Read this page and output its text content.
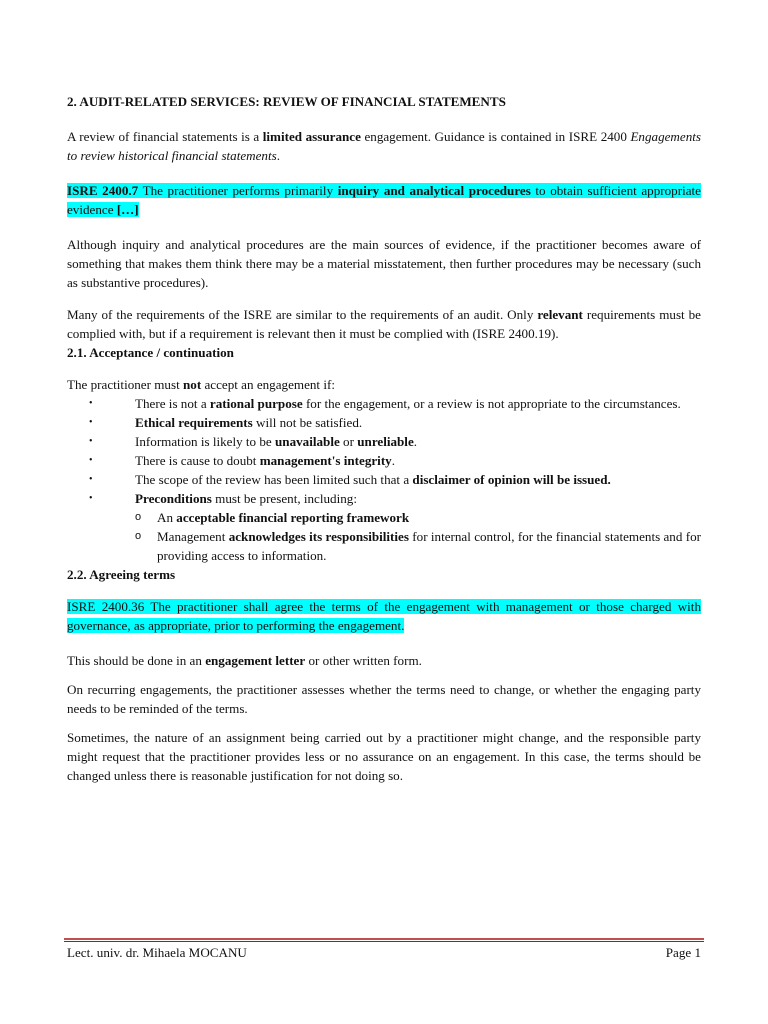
2. AUDIT-RELATED SERVICES: REVIEW OF FINANCIAL STATEMENTS

A review of financial statements is a limited assurance engagement. Guidance is contained in ISRE 2400 Engagements to review historical financial statements.

ISRE 2400.7 The practitioner performs primarily inquiry and analytical procedures to obtain sufficient appropriate evidence […]

Although inquiry and analytical procedures are the main sources of evidence, if the practitioner becomes aware of something that makes them think there may be a material misstatement, then further procedures may be necessary (such as substantive procedures).

Many of the requirements of the ISRE are similar to the requirements of an audit. Only relevant requirements must be complied with, but if a requirement is relevant then it must be complied with (ISRE 2400.19).

2.1. Acceptance / continuation

The practitioner must not accept an engagement if:

•	There is not a rational purpose for the engagement, or a review is not appropriate to the circumstances.
•	Ethical requirements will not be satisfied.
•	Information is likely to be unavailable or unreliable.
•	There is cause to doubt management's integrity.
•	The scope of the review has been limited such that a disclaimer of opinion will be issued.
•	Preconditions must be present, including:
o An acceptable financial reporting framework
o Management acknowledges its responsibilities for internal control, for the financial statements and for providing access to information.
2.2. Agreeing terms

ISRE 2400.36 The practitioner shall agree the terms of the engagement with management or those charged with governance, as appropriate, prior to performing the engagement.

This should be done in an engagement letter or other written form.

On recurring engagements, the practitioner assesses whether the terms need to change, or whether the engaging party needs to be reminded of the terms.

Sometimes, the nature of an assignment being carried out by a practitioner might change, and the responsible party might request that the practitioner provides less or no assurance on an engagement. In this case, the terms should be changed unless there is reasonable justification for not doing so.

Lect. univ. dr. Mihaela MOCANU	Page 1
